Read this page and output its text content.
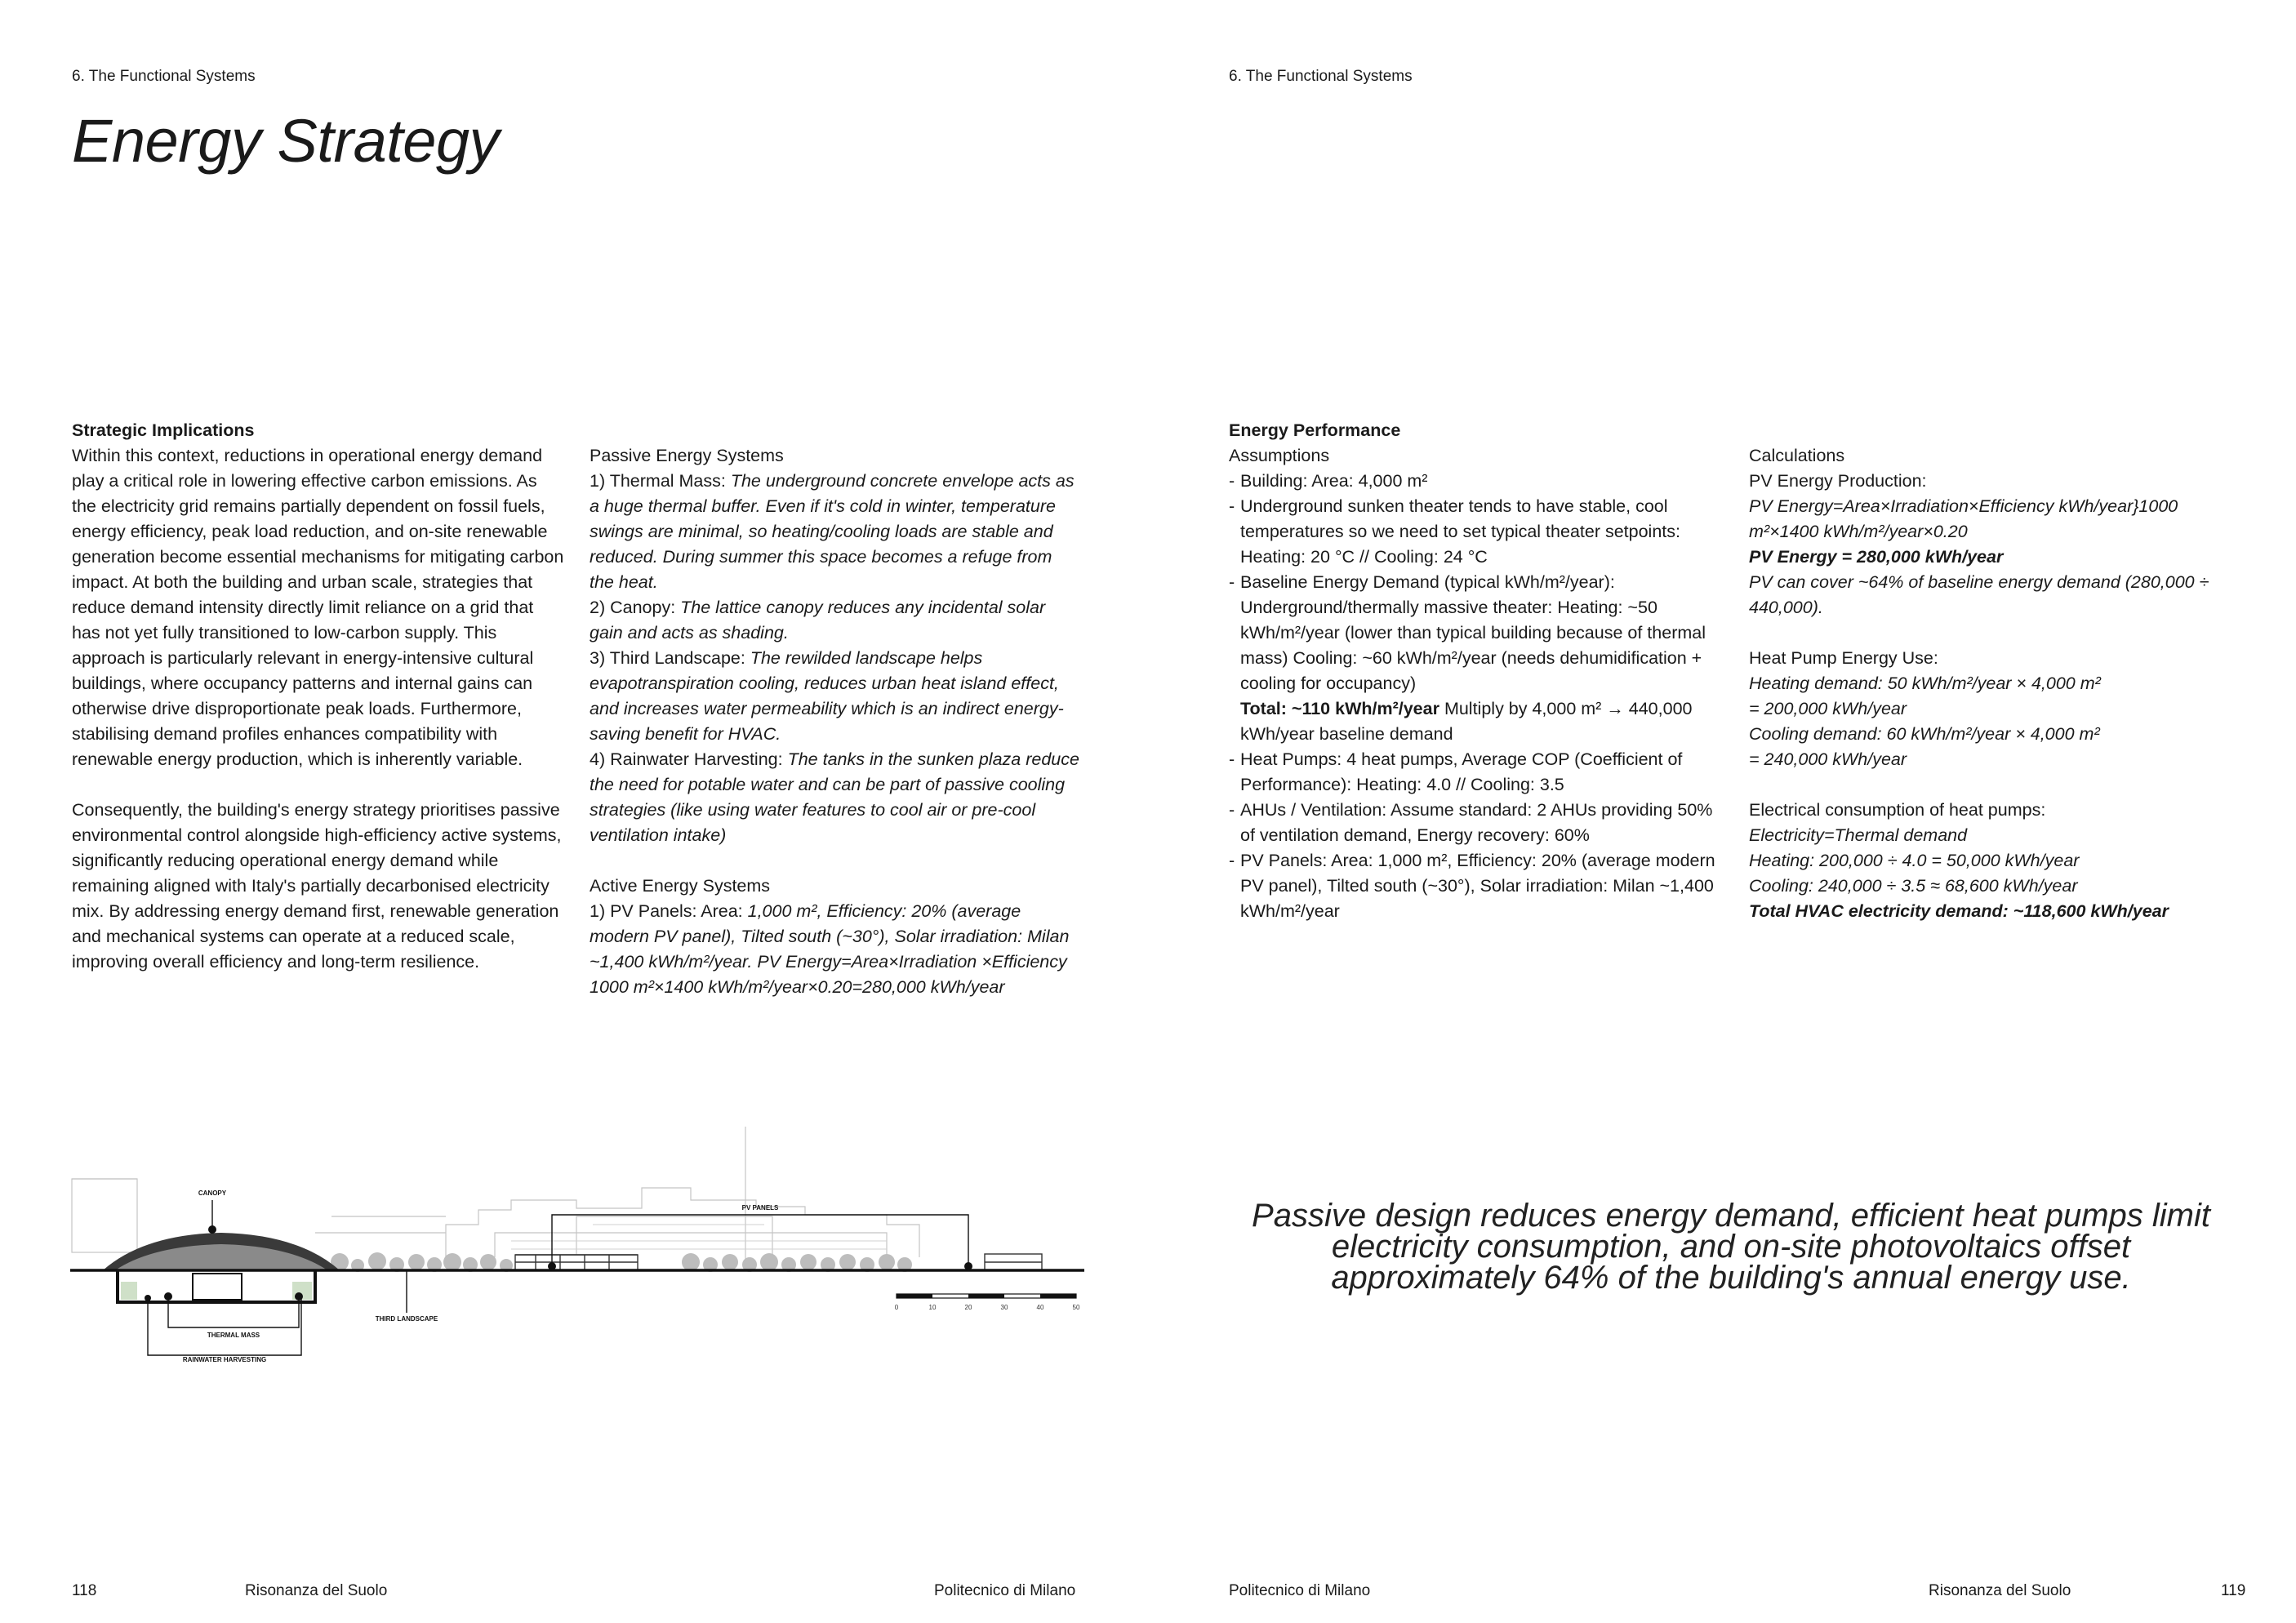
6. The Functional Systems
Energy Strategy
Strategic Implications

Within this context, reductions in operational energy demand play a critical role in lowering effective carbon emissions. As the electricity grid remains partially dependent on fossil fuels, energy efficiency, peak load reduction, and on-site renewable generation become essential mechanisms for mitigating carbon impact. At both the building and urban scale, strategies that reduce demand intensity directly limit reliance on a grid that has not yet fully transitioned to low-carbon supply. This approach is particularly relevant in energy-intensive cultural buildings, where occupancy patterns and internal gains can otherwise drive disproportionate peak loads. Furthermore, stabilising demand profiles enhances compatibility with renewable energy production, which is inherently variable.

Consequently, the building's energy strategy prioritises passive environmental control alongside high-efficiency active systems, significantly reducing operational energy demand while remaining aligned with Italy's partially decarbonised electricity mix. By addressing energy demand first, renewable generation and mechanical systems can operate at a reduced scale, improving overall efficiency and long-term resilience.

Passive Energy Systems
1) Thermal Mass: The underground concrete envelope acts as a huge thermal buffer. Even if it's cold in winter, temperature swings are minimal, so heating/cooling loads are stable and reduced. During summer this space becomes a refuge from the heat.
2) Canopy: The lattice canopy reduces any incidental solar gain and acts as shading.
3) Third Landscape: The rewilded landscape helps evapotranspiration cooling, reduces urban heat island effect, and increases water permeability which is an indirect energy-saving benefit for HVAC.
4) Rainwater Harvesting: The tanks in the sunken plaza reduce the need for potable water and can be part of passive cooling strategies (like using water features to cool air or pre-cool ventilation intake)
Active Energy Systems
1) PV Panels: Area: 1,000 m², Efficiency: 20% (average modern PV panel), Tilted south (~30°), Solar irradiation: Milan ~1,400 kWh/m²/year. PV Energy=Area×Irradiation ×Efficiency 1000 m²×1400 kWh/m²/year×0.20=280,000 kWh/year
CANOPY
PV PANELS
THERMAL MASS
RAINWATER HARVESTING
THIRD LANDSCAPE
0	10	20	30	40	50
118	Risonanza del Suolo	Politecnico di Milano
6. The Functional Systems
Energy Performance
Assumptions
- Building: Area: 4,000 m²
- Underground sunken theater tends to have stable, cool temperatures so we need to set typical theater setpoints: Heating: 20 °C // Cooling: 24 °C
- Baseline Energy Demand (typical kWh/m²/year): Underground/thermally massive theater: Heating: ~50 kWh/m²/year (lower than typical building because of thermal mass) Cooling: ~60 kWh/m²/year (needs dehumidification + cooling for occupancy)
Total: ~110 kWh/m²/year Multiply by 4,000 m² → 440,000 kWh/year baseline demand
- Heat Pumps: 4 heat pumps, Average COP (Coefficient of Performance): Heating: 4.0 // Cooling: 3.5
- AHUs / Ventilation: Assume standard: 2 AHUs providing 50% of ventilation demand, Energy recovery: 60%
- PV Panels: Area: 1,000 m², Efficiency: 20% (average modern PV panel), Tilted south (~30°), Solar irradiation: Milan ~1,400 kWh/m²/year
Calculations
PV Energy Production:
PV Energy=Area×Irradiation×Efficiency kWh/year}1000 m²×1400 kWh/m²/year×0.20
PV Energy = 280,000 kWh/year
PV can cover ~64% of baseline energy demand (280,000 ÷ 440,000).
Heat Pump Energy Use:
Heating demand: 50 kWh/m²/year × 4,000 m²
= 200,000 kWh/year
Cooling demand: 60 kWh/m²/year × 4,000 m²
= 240,000 kWh/year
Electrical consumption of heat pumps:
Electricity=Thermal demand
Heating: 200,000 ÷ 4.0 = 50,000 kWh/year
Cooling: 240,000 ÷ 3.5 ≈ 68,600 kWh/year
Total HVAC electricity demand: ~118,600 kWh/year
Passive design reduces energy demand, efficient heat pumps limit electricity consumption, and on-site photovoltaics offset approximately 64% of the building's annual energy use.
Politecnico di Milano	Risonanza del Suolo	119
